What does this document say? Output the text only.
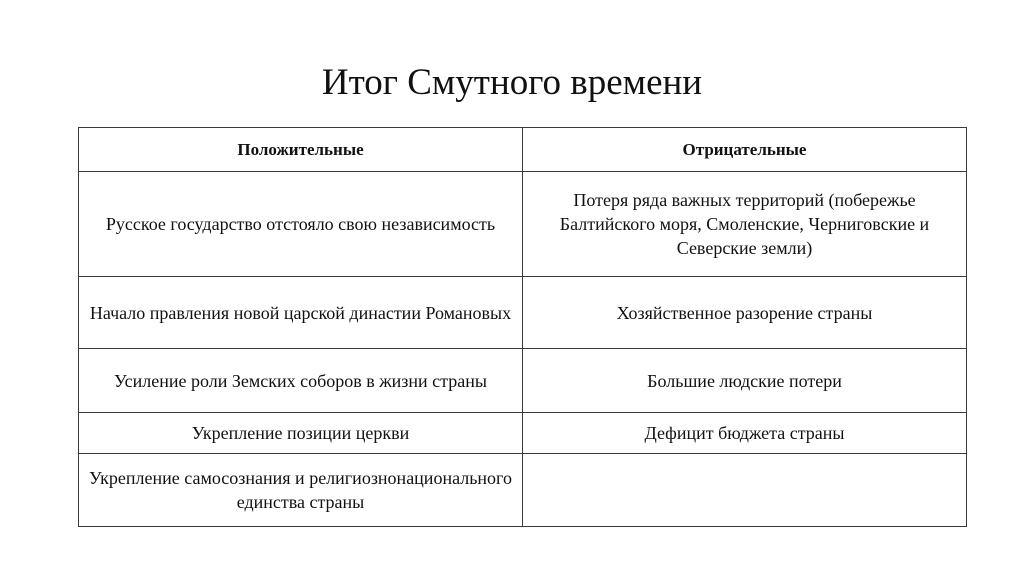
Итог Смутного времени
Положительные	Отрицательные
Русское государство отстояло свою независимость	Потеря ряда важных территорий (побережье Балтийского моря, Смоленские, Черниговские и Северские земли)
Начало правления новой царской династии Романовых	Хозяйственное разорение страны
Усиление роли Земских соборов в жизни страны	Большие людские потери
Укрепление позиции церкви	Дефицит бюджета страны
Укрепление самосознания и религиознонационального единства страны	
